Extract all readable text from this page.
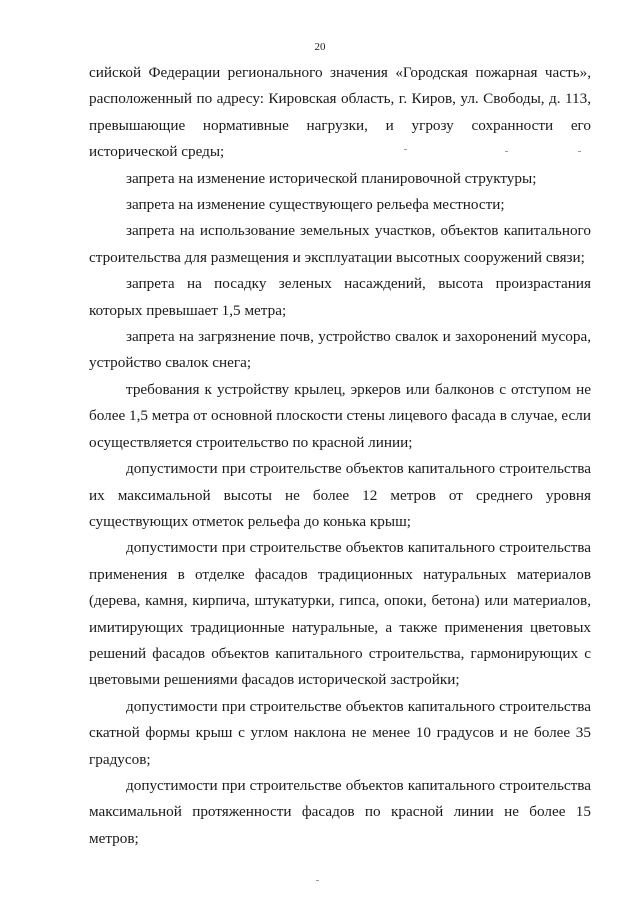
20

сийской Федерации регионального значения «Городская пожарная часть», расположенный по адресу: Кировская область, г. Киров, ул. Свободы, д. 113, превышающие нормативные нагрузки, и угрозу сохранности его исторической среды;

запрета на изменение исторической планировочной структуры;

запрета на изменение существующего рельефа местности;

запрета на использование земельных участков, объектов капитального строительства для размещения и эксплуатации высотных сооружений связи;

запрета на посадку зеленых насаждений, высота произрастания которых превышает 1,5 метра;

запрета на загрязнение почв, устройство свалок и захоронений мусора, устройство свалок снега;

требования к устройству крылец, эркеров или балконов с отступом не более 1,5 метра от основной плоскости стены лицевого фасада в случае, если осуществляется строительство по красной линии;

допустимости при строительстве объектов капитального строительства их максимальной высоты не более 12 метров от среднего уровня существующих отметок рельефа до конька крыш;

допустимости при строительстве объектов капитального строительства применения в отделке фасадов традиционных натуральных материалов (дерева, камня, кирпича, штукатурки, гипса, опоки, бетона) или материалов, имитирующих традиционные натуральные, а также применения цветовых решений фасадов объектов капитального строительства, гармонирующих с цветовыми решениями фасадов исторической застройки;

допустимости при строительстве объектов капитального строительства скатной формы крыш с углом наклона не менее 10 градусов и не более 35 градусов;

допустимости при строительстве объектов капитального строительства максимальной протяженности фасадов по красной линии не более 15 метров;
